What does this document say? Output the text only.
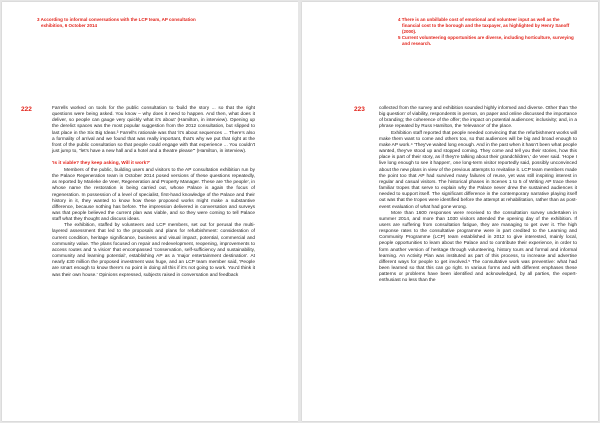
3 According to informal conversations with the LCP team, AP consultation
exhibition, 6 October 2014
222	Farrells worked on tools for the public consultation to 'build the story ... so that the right questions were being asked. You know – why does it need to happen. And then, what does it deliver, so people can gauge very quickly what it's about' (Hamilton, in interview). Opening up the derelict spaces was the most popular suggestion from the 2012 consultation, but slipped to last place in the Six Big Ideas.³ Farrell's rationale was that 'it's about sequences ... There's also a formality of arrival and we found that was really important, that's why we put that right at the front of the public consultation so that people could engage with that experience ... You couldn't just jump to, "let's have a new hall and a hotel and a theatre please"' (Hamilton, in interview).

'Is it viable? they keep asking, Will it work?'

Members of the public, building users and visitors to the AP consultation exhibition run by the Palace Regeneration team in October 2014 posed versions of these questions repeatedly, as reported by Marieke de Veer, Regeneration and Property Manager. These are 'the people', in whose name the restoration is being carried out, whose Palace is again the focus of regeneration. In possession of a level of specialist, first-hand knowledge of the Palace and their history in it, they wanted to know how these proposed works might make a substantive difference, because nothing has before. The impression delivered in conversation and surveys was that people believed the current plan was viable, and so they were coming to tell Palace staff what they thought and discuss ideas.

The exhibition, staffed by volunteers and LCP members, set out for perusal the multi-layered assessment that led to the proposals and plans for refurbishment: consideration of current condition, heritage significance, business and visual impact, potential, commercial and community value. The plans focused on repair and redevelopment, reopening, improvements to access routes and 'a vision' that encompassed 'conservation, self-sufficiency and sustainability, community and learning potential', establishing AP as a 'major entertainment destination'. At nearly £30 million the proposed investment was huge, and an LCP team member said, 'People are smart enough to know there's no point in doing all this if it's not going to work. You'd think it was their own house.' Opinions expressed, subjects raised in conversation and feedback

4 There is an unbillable cost of emotional and volunteer input as well as the
financial cost to the borough and the taxpayer, as highlighted by Henry Sanoff
(2000).
5 Current volunteering opportunities are diverse, including horticulture, surveying
and research.
223	collected from the survey and exhibition sounded highly informed and diverse. Other than 'the big question' of viability, respondents in person, on paper and online discussed the importance of branding; the coherence of the offer; the impact on potential audiences; inclusivity; and, in a phrase repeated by Russ Hamilton, the 'relevance' of the place.

Exhibition staff reported that people needed convincing that the refurbishment works will make them want to come and others too, so that audiences will be big and broad enough to make AP work.⁴ 'They've waited long enough. And in the past when it hasn't been what people wanted, they've stood up and stopped coming. They come and tell you their stories, how this place is part of their story, as if they're talking about their grandchildren,' de Veer said. 'Hope I live long enough to see it happen', one long-term visitor reportedly said, possibly unconvinced about the new plans in view of the previous attempts to revitalise it. LCP team members made the point too that AP had survived many failures of reuse, yet was still inspiring interest in regular and casual visitors. The historical phases in Scenes 1 to 5 of Writing AP trace these familiar tropes that serve to explain why the Palace never drew the sustained audiences it needed to support itself. The significant difference in the contemporary narrative playing itself out was that the tropes were identified before the attempt at rehabilitation, rather than as post-event evaluation of what had gone wrong.

More than 1600 responses were received to the consultation survey undertaken in summer 2014, and more than 1030 visitors attended the opening day of the exhibition. If users are suffering from consultation fatigue, they are managing to get over it. The high response rates to the consultative programme were in part credited to the Learning and Community Programme (LCP) team established in 2012 to give interested, mainly local, people opportunities to learn about the Palace and to contribute their experience, in order to form another version of heritage through volunteering, history tours and formal and informal learning. An Activity Plan was instituted as part of this process, to increase and advertise different ways for people to get involved.⁵ The consultative work was preventive: what had been learned so that this can go right. In various forms and with different emphases these patterns or problems have been identified and acknowledged, by all parties, the expert-enthusiast no less than the
